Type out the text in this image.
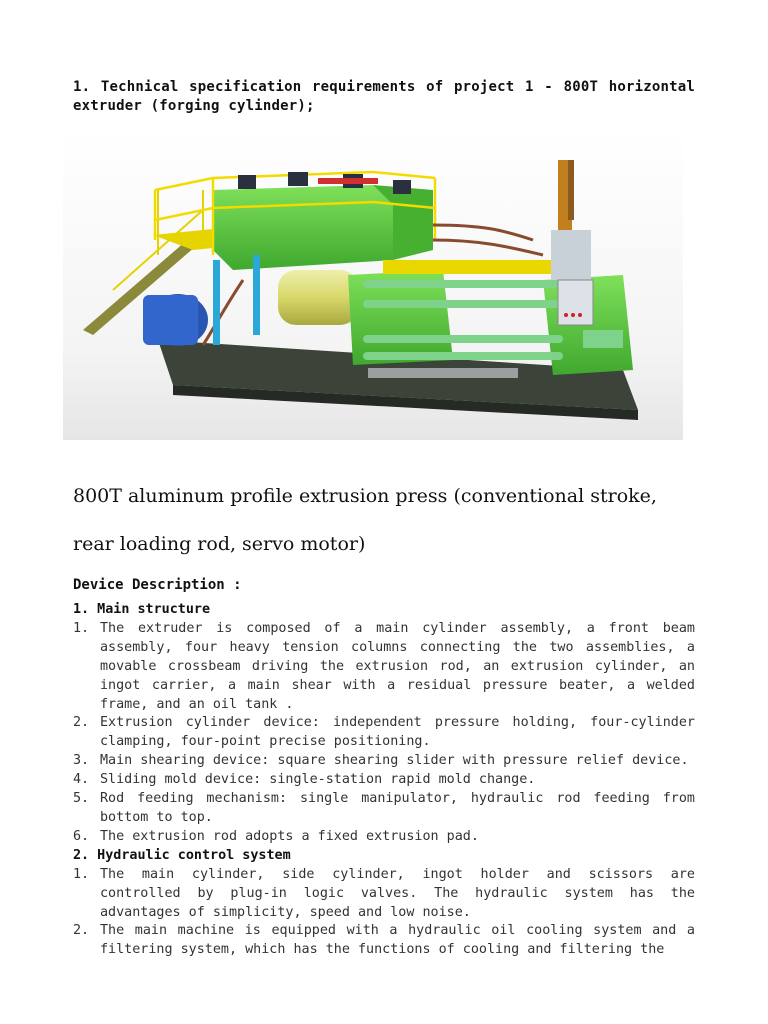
1. Technical specification requirements of project 1 - 800T horizontal extruder (forging cylinder);
800T aluminum profile extrusion press (conventional stroke,
rear loading rod, servo motor)
Device Description :

1. Main structure

1. The extruder is composed of a main cylinder assembly, a front beam assembly, four heavy tension columns connecting the two assemblies, a movable crossbeam driving the extrusion rod, an extrusion cylinder, an ingot carrier, a main shear with a residual pressure beater, a welded frame, and an oil tank .
2. Extrusion cylinder device: independent pressure holding, four-cylinder clamping, four-point precise positioning.
3. Main shearing device: square shearing slider with pressure relief device.
4. Sliding mold device: single-station rapid mold change.
5. Rod feeding mechanism: single manipulator, hydraulic rod feeding from bottom to top.
6. The extrusion rod adopts a fixed extrusion pad.

2. Hydraulic control system

1. The main cylinder, side cylinder, ingot holder and scissors are controlled by plug-in logic valves. The hydraulic system has the advantages of simplicity, speed and low noise.
2. The main machine is equipped with a hydraulic oil cooling system and a filtering system, which has the functions of cooling and filtering the
